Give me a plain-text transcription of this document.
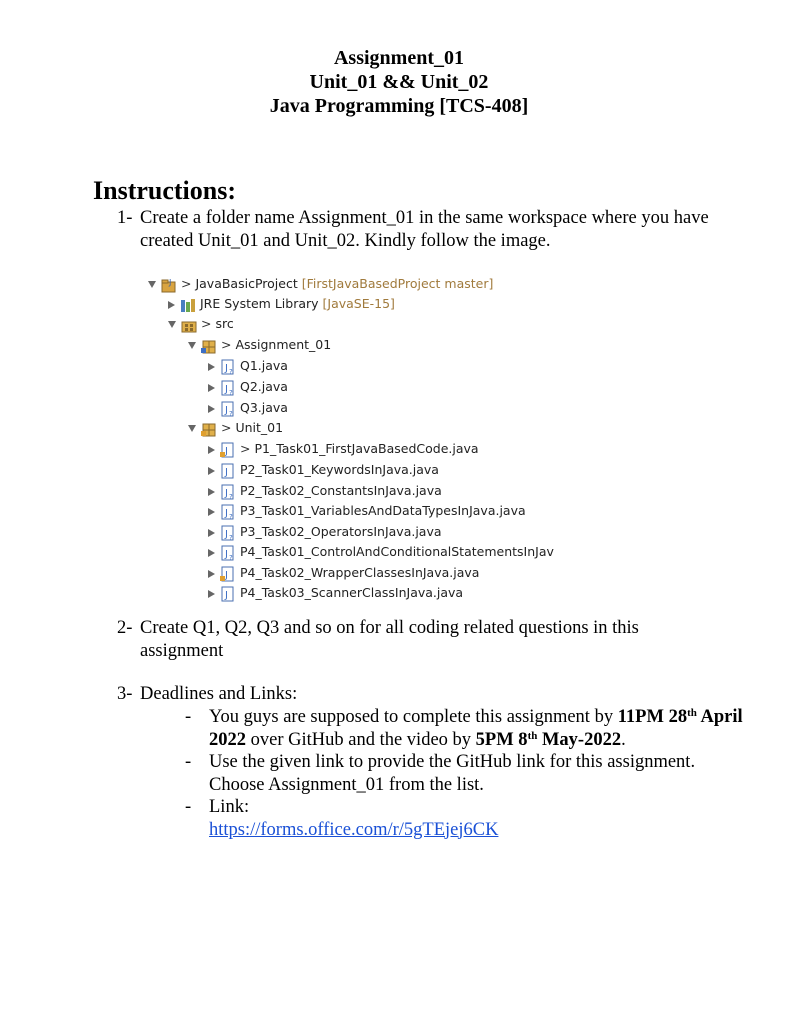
Assignment_01
Unit_01 && Unit_02
Java Programming [TCS-408]
Instructions:
1- Create a folder name Assignment_01 in the same workspace where you have created Unit_01 and Unit_02. Kindly follow the image.
J > JavaBasicProject [FirstJavaBasedProject master]
JRE System Library [JavaSE-15]
> src
> Assignment_01
J ? Q1.java
J ? Q2.java
J ? Q3.java
> Unit_01
J > P1_Task01_FirstJavaBasedCode.java
J P2_Task01_KeywordsInJava.java
J ? P2_Task02_ConstantsInJava.java
J ? P3_Task01_VariablesAndDataTypesInJava.java
J ? P3_Task02_OperatorsInJava.java
J ? P4_Task01_ControlAndConditionalStatementsInJav
J P4_Task02_WrapperClassesInJava.java
J P4_Task03_ScannerClassInJava.java
2- Create Q1, Q2, Q3 and so on for all coding related questions in this assignment
3- Deadlines and Links:
- You guys are supposed to complete this assignment by 11PM 28th April 2022 over GitHub and the video by 5PM 8th May-2022.
- Use the given link to provide the GitHub link for this assignment. Choose Assignment_01 from the list.
- Link:
https://forms.office.com/r/5gTEjej6CK
